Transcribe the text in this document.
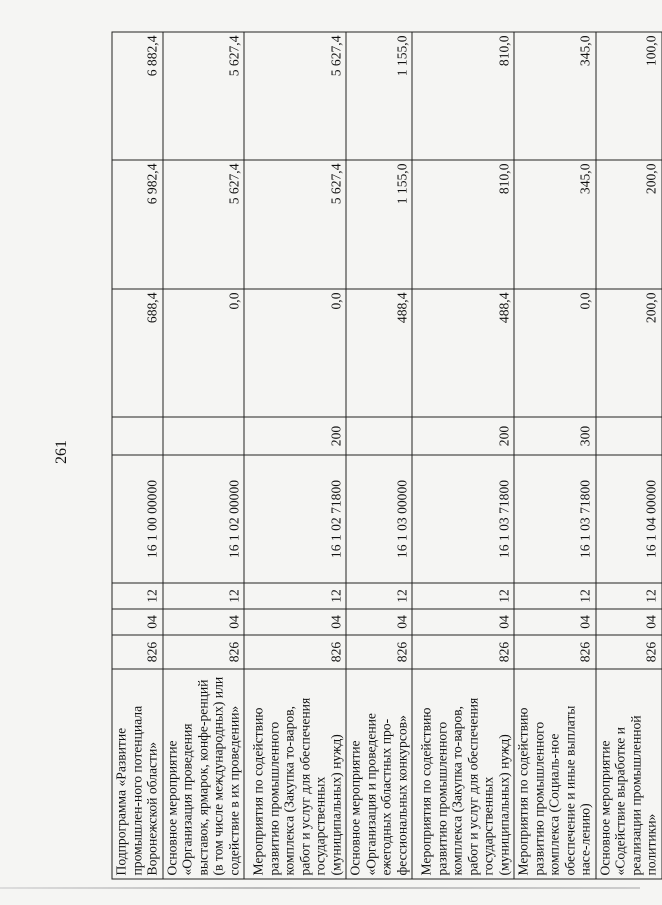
261
Подпрограмма «Развитие промышлен-ного потенциала Воронежской области»	826	04	12	16 1 00 00000		688,4	6 982,4	6 882,4
Основное мероприятие «Организация проведения выставок, ярмарок, конфе-ренций (в том числе международных) или содействие в их проведении»	826	04	12	16 1 02 00000		0,0	5 627,4	5 627,4
Мероприятия по содействию развитию промышленного комплекса (Закупка то-варов, работ и услуг для обеспечения государственных (муниципальных) нужд)	826	04	12	16 1 02 71800	200	0,0	5 627,4	5 627,4
Основное мероприятие «Организация и проведение ежегодных областных про-фессиональных конкурсов»	826	04	12	16 1 03 00000		488,4	1 155,0	1 155,0
Мероприятия по содействию развитию промышленного комплекса (Закупка то-варов, работ и услуг для обеспечения государственных (муниципальных) нужд)	826	04	12	16 1 03 71800	200	488,4	810,0	810,0
Мероприятия по содействию развитию промышленного комплекса (Социаль-ное обеспечение и иные выплаты насе-лению)	826	04	12	16 1 03 71800	300	0,0	345,0	345,0
Основное мероприятие «Содействие выработке и реализации промышленной политики»	826	04	12	16 1 04 00000		200,0	200,0	100,0
